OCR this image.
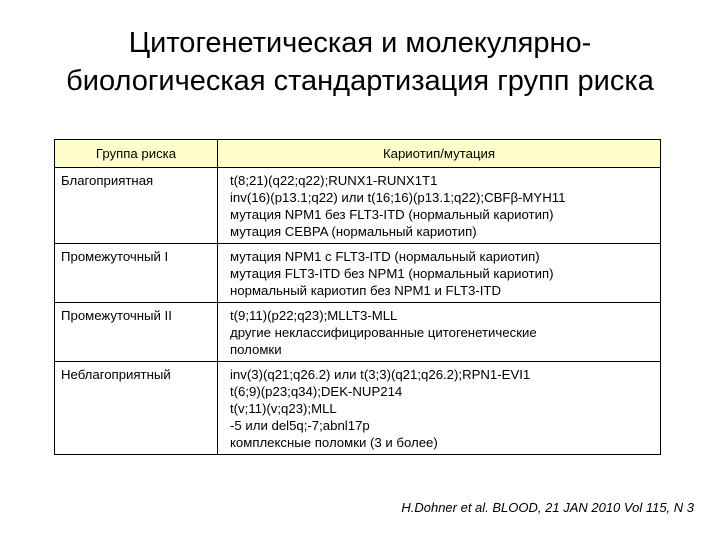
Цитогенетическая и молекулярно-
биологическая стандартизация групп риска
Группа риска	Кариотип/мутация
Благоприятная	t(8;21)(q22;q22);RUNX1-RUNX1T1
inv(16)(p13.1;q22) или t(16;16)(p13.1;q22);CBFβ-MYH11
мутация NPM1 без FLT3-ITD (нормальный кариотип)
мутация CEBPA (нормальный кариотип)

Промежуточный I	мутация NPM1 с FLT3-ITD (нормальный кариотип)
мутация FLT3-ITD без NPM1 (нормальный кариотип)
нормальный кариотип без NPM1 и FLT3-ITD

Промежуточный II	t(9;11)(p22;q23);MLLT3-MLL
другие неклассифицированные цитогенетические
поломки

Неблагоприятный	inv(3)(q21;q26.2) или t(3;3)(q21;q26.2);RPN1-EVI1
t(6;9)(p23;q34);DEK-NUP214
t(v;11)(v;q23);MLL
-5 или del5q;-7;abnl17p
комплексные поломки (3 и более)
H.Dohner et al. BLOOD, 21 JAN 2010 Vol 115, N 3
